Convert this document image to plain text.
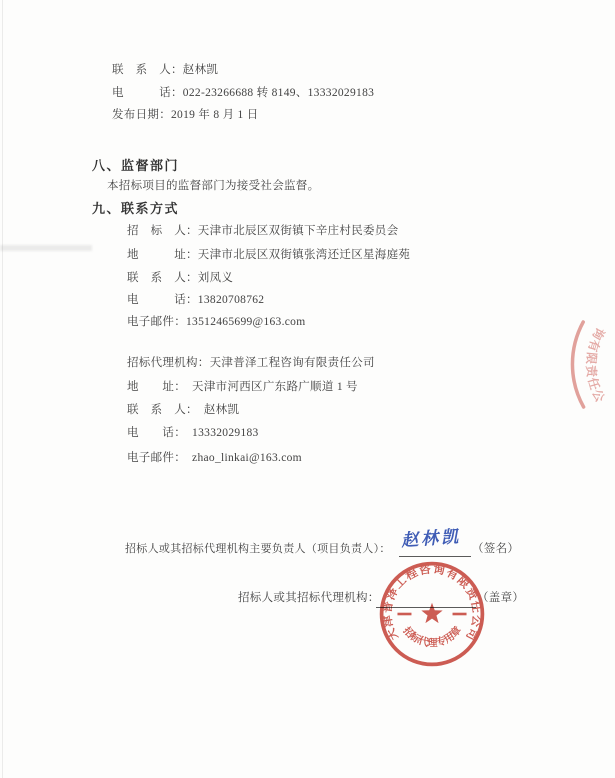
联　系　人：赵林凯
电　　　话：022-23266688 转 8149、13332029183
发布日期：2019 年 8 月 1 日
八、监督部门
本招标项目的监督部门为接受社会监督。
九、联系方式
招　标　人：天津市北辰区双街镇下辛庄村民委员会
地　　　址：天津市北辰区双街镇张湾还迁区星海庭苑
联　系　人：刘凤义
电　　　话：13820708762
电子邮件：13512465699@163.com
招标代理机构：天津普泽工程咨询有限责任公司
地　　址：　天津市河西区广东路广顺道 1 号
联　系　人：　赵林凯
电　　话：　13332029183
电子邮件：　zhao_linkai@163.com
招标人或其招标代理机构主要负责人（项目负责人）： 赵林凯 （签名）
招标人或其招标代理机构：	（盖章）
天津普泽工程咨询有限责任公司
招标代理专用章
询有限责任公
